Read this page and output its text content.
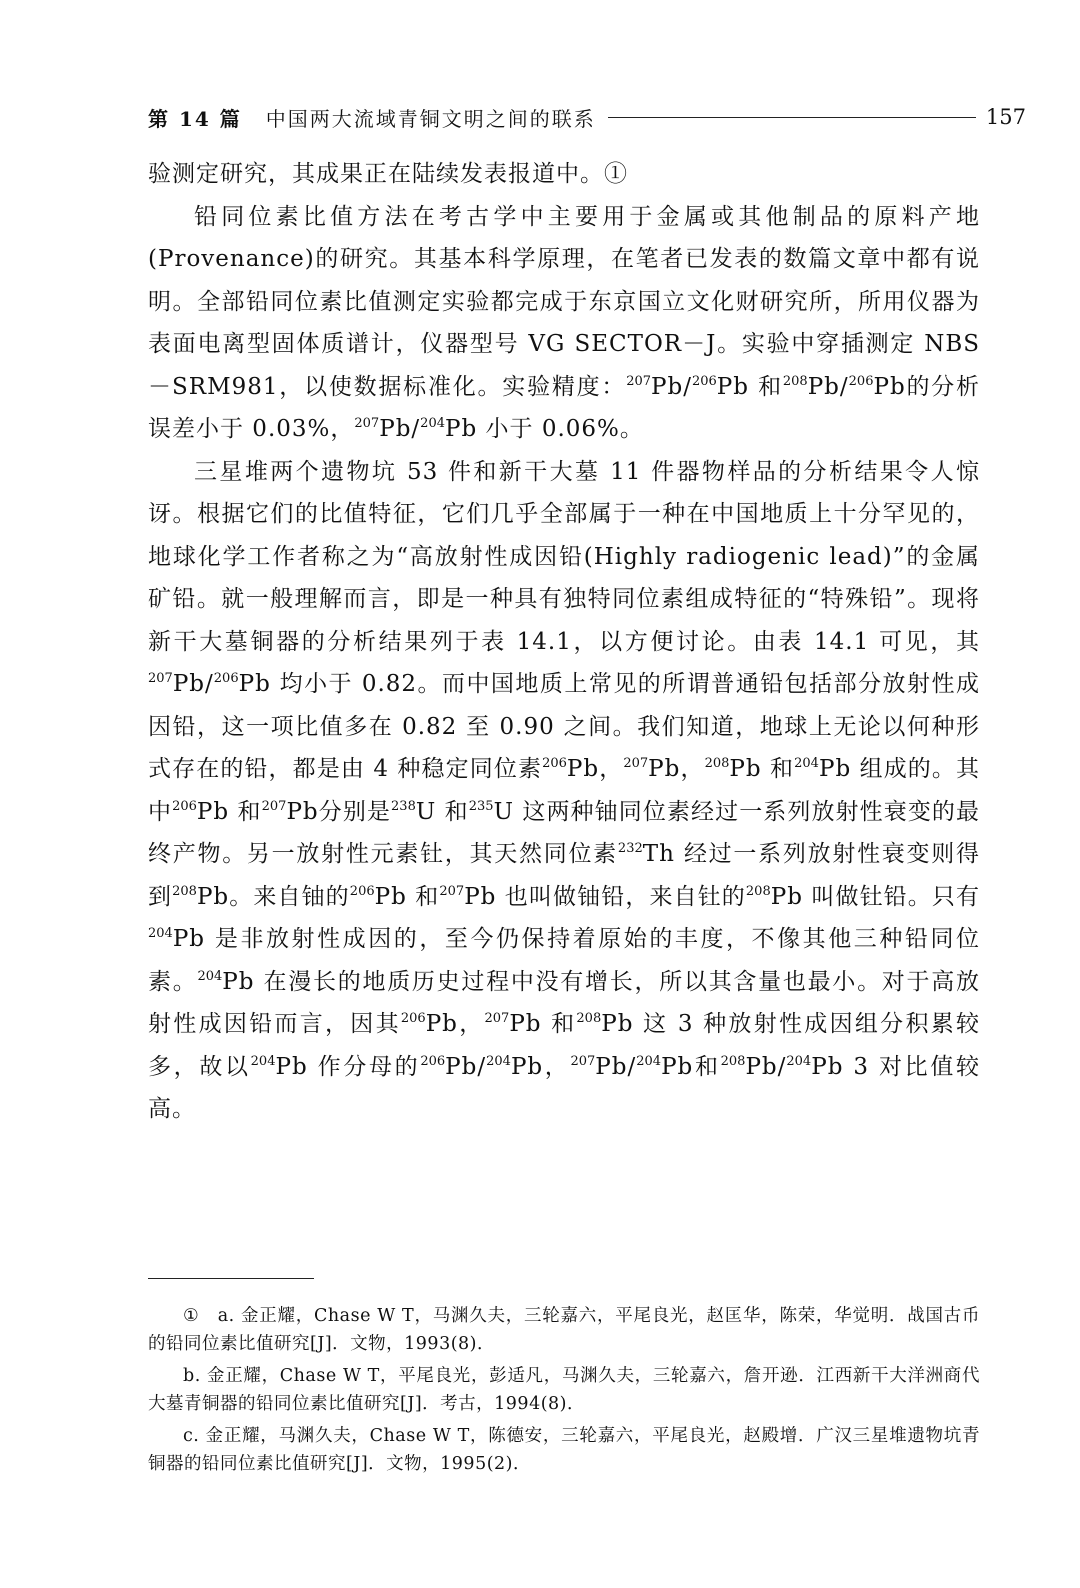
第 14 篇 中国两大流域青铜文明之间的联系	157

验测定研究，其成果正在陆续发表报道中。①

铅同位素比值方法在考古学中主要用于金属或其他制品的原料产地(Provenance)的研究。其基本科学原理，在笔者已发表的数篇文章中都有说明。全部铅同位素比值测定实验都完成于东京国立文化财研究所，所用仪器为表面电离型固体质谱计，仪器型号 VG SECTOR－J。实验中穿插测定 NBS－SRM981，以使数据标准化。实验精度：$^{207}$Pb/$^{206}$Pb 和$^{208}$Pb/$^{206}$Pb的分析误差小于 0.03%，$^{207}$Pb/$^{204}$Pb 小于 0.06%。

三星堆两个遗物坑 53 件和新干大墓 11 件器物样品的分析结果令人惊讶。根据它们的比值特征，它们几乎全部属于一种在中国地质上十分罕见的，地球化学工作者称之为“高放射性成因铅(Highly radiogenic lead)”的金属矿铅。就一般理解而言，即是一种具有独特同位素组成特征的“特殊铅”。现将新干大墓铜器的分析结果列于表 14.1，以方便讨论。由表 14.1 可见，其$^{207}$Pb/$^{206}$Pb 均小于 0.82。而中国地质上常见的所谓普通铅包括部分放射性成因铅，这一项比值多在 0.82 至 0.90 之间。我们知道，地球上无论以何种形式存在的铅，都是由 4 种稳定同位素$^{206}$Pb，$^{207}$Pb，$^{208}$Pb 和$^{204}$Pb 组成的。其中$^{206}$Pb 和$^{207}$Pb分别是$^{238}$U 和$^{235}$U 这两种铀同位素经过一系列放射性衰变的最终产物。另一放射性元素钍，其天然同位素$^{232}$Th 经过一系列放射性衰变则得到$^{208}$Pb。来自铀的$^{206}$Pb 和$^{207}$Pb 也叫做铀铅，来自钍的$^{208}$Pb 叫做钍铅。只有$^{204}$Pb 是非放射性成因的，至今仍保持着原始的丰度，不像其他三种铅同位素。$^{204}$Pb 在漫长的地质历史过程中没有增长，所以其含量也最小。对于高放射性成因铅而言，因其$^{206}$Pb，$^{207}$Pb 和$^{208}$Pb 这 3 种放射性成因组分积累较多，故以$^{204}$Pb 作分母的$^{206}$Pb/$^{204}$Pb，$^{207}$Pb/$^{204}$Pb和$^{208}$Pb/$^{204}$Pb 3 对比值较高。

①　a. 金正耀，Chase W T，马渊久夫，三轮嘉六，平尾良光，赵匡华，陈荣，华觉明．战国古币的铅同位素比值研究[J]．文物，1993(8)．

b. 金正耀，Chase W T，平尾良光，彭适凡，马渊久夫，三轮嘉六，詹开逊．江西新干大洋洲商代大墓青铜器的铅同位素比值研究[J]．考古，1994(8)．

c. 金正耀，马渊久夫，Chase W T，陈德安，三轮嘉六，平尾良光，赵殿增．广汉三星堆遗物坑青铜器的铅同位素比值研究[J]．文物，1995(2)．
